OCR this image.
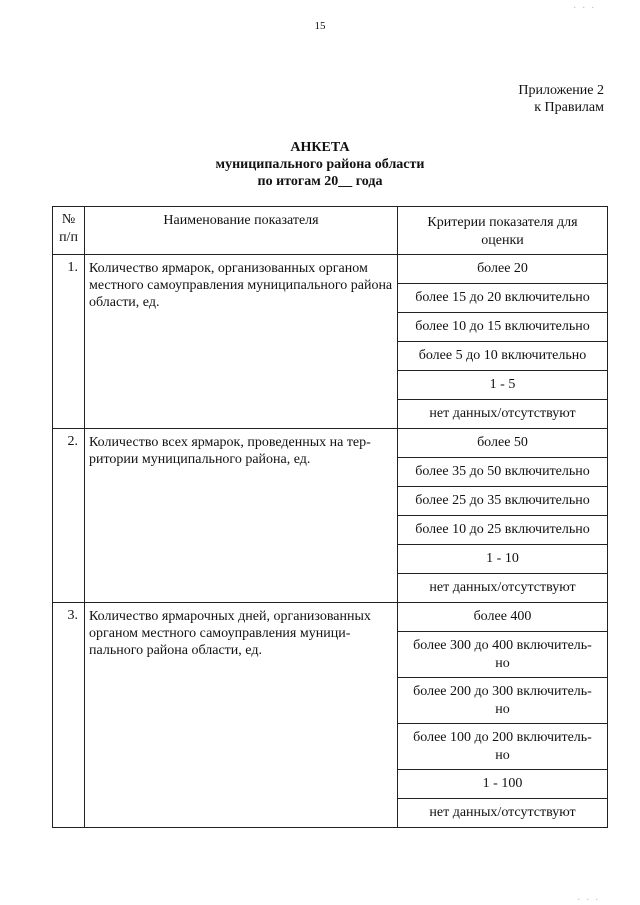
15
. . .
Приложение 2
к Правилам
АНКЕТА
муниципального района области
по итогам 20__ года
№
п/п	Наименование показателя	Критерии показателя для
оценки
1.	Количество ярмарок, организованных органом местного самоуправления муниципального района области, ед.	более 20
		более 15 до 20 включительно
		более 10 до 15 включительно
		более 5 до 10 включительно
		1 - 5
		нет данных/отсутствуют
2.	Количество всех ярмарок, проведенных на тер-
ритории муниципального района, ед.	более 50
		более 35 до 50 включительно
		более 25 до 35 включительно
		более 10 до 25 включительно
		1 - 10
		нет данных/отсутствуют
3.	Количество ярмарочных дней, организованных органом местного самоуправления муници-
пального района области, ед.	более 400
		более 300 до 400 включитель-
но
		более 200 до 300 включитель-
но
		более 100 до 200 включитель-
но
		1 - 100
		нет данных/отсутствуют
. . .
